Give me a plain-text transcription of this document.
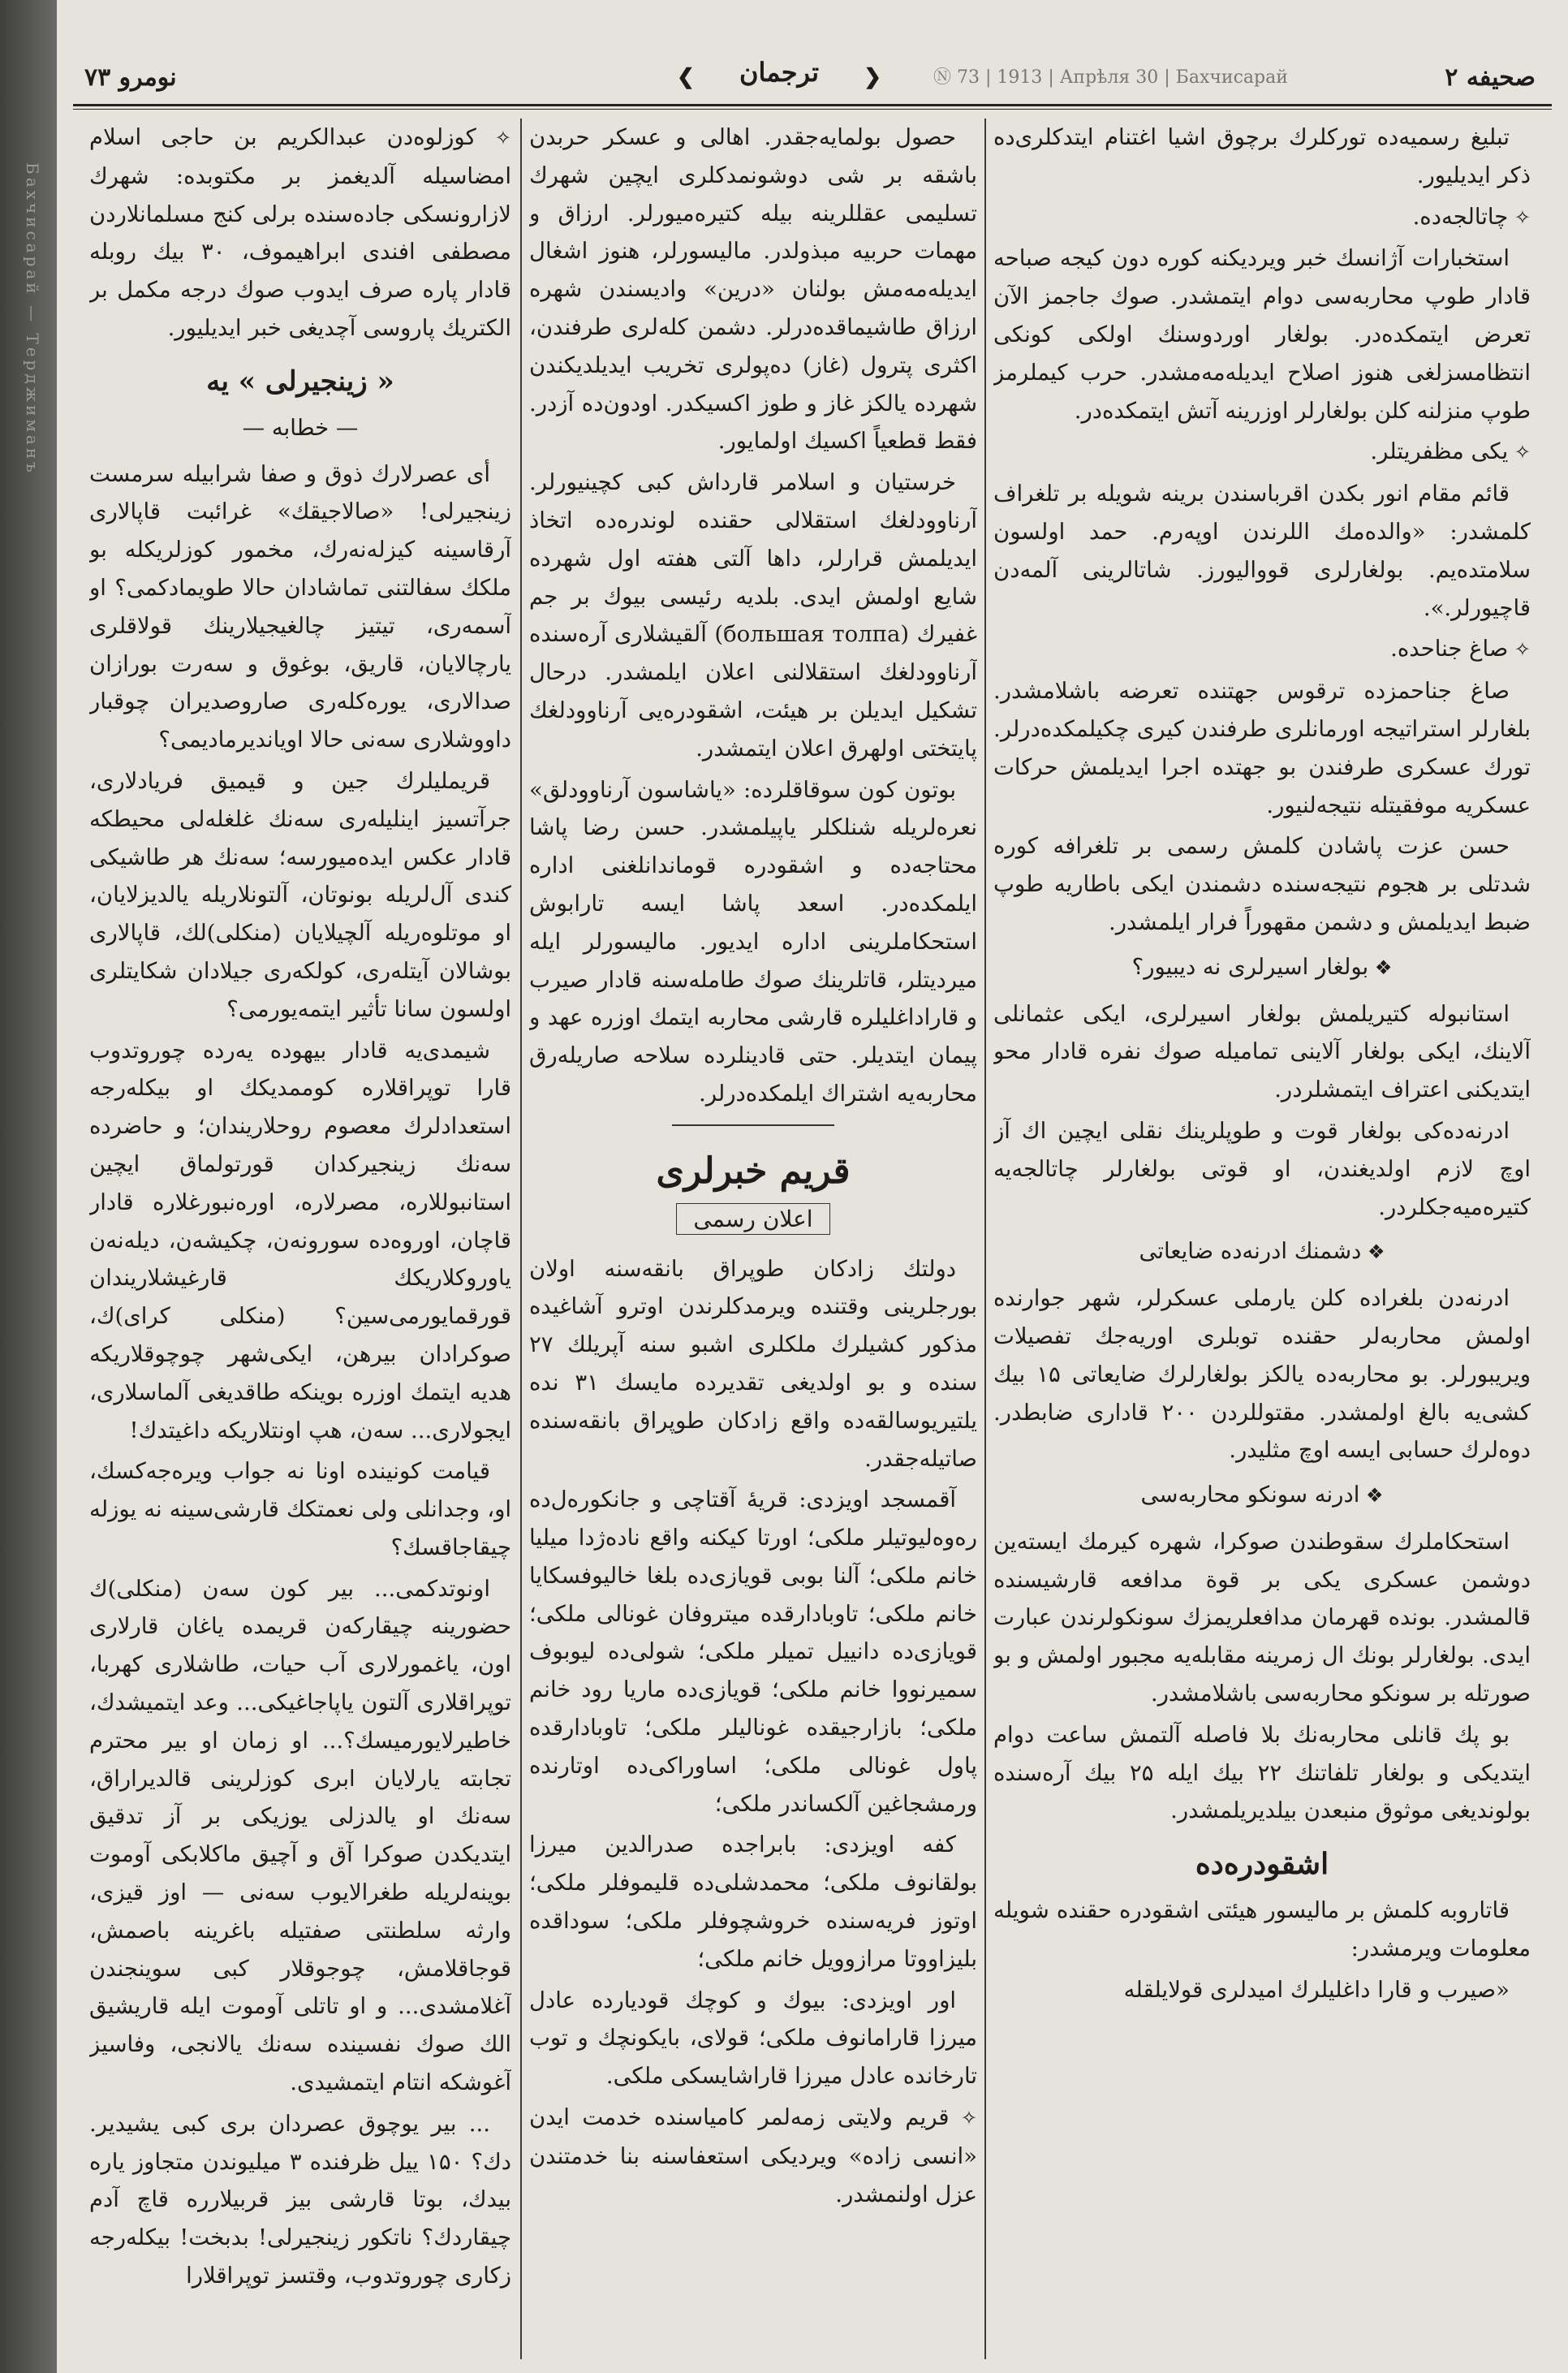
Бахчисарай — Терджиманъ
صحيفه ۲
Ⓝ 73 | 1913 | Апрѣля 30 | Бахчисарай
❮
ترجمان
❯
نومرو ۷۳

تبلیغ رسمیه‌ده تورکلرك برچوق اشیا اغتنام ایتدکلری‌ده ذکر ایدیلیور.

✧ چاتالجه‌ده.

استخبارات آژانسك خبر ویردیکنه کوره دون کیجه صباحه قادار طوپ محاربه‌سی دوام ایتمشدر. صوك جاجمز الآن تعرض ایتمکده‌در. بولغار اوردوسنك اولکی کونکی انتظامسزلغی هنوز اصلاح ایدیله‌مه‌مشدر. حرب کیملرمز طوپ منزلنه کلن بولغارلر اوزرینه آتش ایتمکده‌در.

✧ یکی مظفریتلر.

قائم مقام انور بکدن اقرباسندن برینه شویله بر تلغراف کلمشدر: «والده‌مك اللرندن اوپه‌رم. حمد اولسون سلامتده‌یم. بولغارلری قوواليورز. شاتالرینی آلمه‌دن قاچیورلر.».

✧ صاغ جناحده.

صاغ جناحمزده ترقوس جهتنده تعرضه باشلامشدر. بلغارلر استراتیجه اورمانلری طرفندن کیری چکیلمکده‌درلر. تورك عسكری طرفندن بو جهتده اجرا ایدیلمش حرکات عسکریه موفقیتله نتیجه‌لنیور.

حسن عزت پاشادن کلمش رسمی بر تلغرافه کوره شدتلی بر هجوم نتیجه‌سنده دشمندن ایکی باطاریه طوپ ضبط ایدیلمش و دشمن مقهوراً فرار ایلمشدر.

❖ بولغار اسیرلری نه دیبیور؟

استانبوله کتیریلمش بولغار اسیرلری، ایکی عثمانلی آلاینك، ایکی بولغار آلاینی تماميله صوك نفره قادار محو ایتدیکنی اعتراف ایتمشلردر.

ادرنه‌ده‌کی بولغار قوت و طوپلرینك نقلی ایچین اك آز اوچ لازم اولدیغندن، او قوتی بولغارلر چاتالجه‌یه کتیره‌میه‌جکلردر.

❖ دشمنك ادرنه‌ده ضایعاتی

ادرنه‌دن بلغراده کلن یارملی عسکرلر، شهر جوارنده اولمش محاربه‌لر حقنده توبلری اوریه‌جك تفصیلات ویریبورلر. بو محاربه‌ده یالکز بولغارلرك ضایعاتی ۱۵ بیك کشی‌یه بالغ اولمشدر. مقتوللردن ۲۰۰ قاداری ضابطدر. دوه‌لرك حسابی ایسه اوچ مثلیدر.

❖ ادرنه سونکو محاربه‌سی

استحکاملرك سقوطندن صوكرا، شهره کیرمك ایسته‌ین دوشمن عسکری یکی بر قوة مدافعه قارشیسنده قالمشدر. بونده قهرمان مدافعلریمزك سونکولرندن عبارت ایدی. بولغارلر بونك ال زمرینه مقابله‌یه مجبور اولمش و بو صورتله بر سونکو محاربه‌سی باشلامشدر.

بو پك قانلی محاربه‌نك بلا فاصله آلتمش ساعت دوام ایتدیکی و بولغار تلفاتنك ۲۲ بیك ایله ۲۵ بیك آره‌سنده بولوندیغی موثوق منبعدن بیلدیریلمشدر.

اشقودره‌ده

قاتاروبه کلمش بر مالیسور هیئتی اشقودره حقنده شویله معلومات ویرمشدر:

«صیرب و قارا داغلیلرك امیدلری قولایلقله

حصول بولمایه‌جقدر. اهالی و عسکر حربدن باشقه بر شی دوشونمدکلری ایچین شهرك تسلیمی عقللرینه بیله کتیره‌میورلر. ارزاق و مهمات حربیه مبذولدر. مالیسورلر، هنوز اشغال ایدیله‌مه‌مش بولنان «درین» وادیسندن شهره ارزاق طاشیماقده‌درلر. دشمن کله‌لری طرفندن، اکثری پترول (غاز) ده‌پولری تخریب ایدیلدیکندن شهرده یالکز غاز و طوز اکسیکدر. اودون‌ده آزدر. فقط قطعیاً اکسیك اولمایور.

خرستیان و اسلامر قارداش کبی کچینیورلر. آرناوودلغك استقلالی حقنده لوندره‌ده اتخاذ ایدیلمش قرارلر، داها آلتی هفته اول شهرده شایع اولمش ایدی. بلدیه رئیسی بیوك بر جم غفیرك (большая толпа) آلقیشلاری آره‌سنده آرناوودلغك استقلالنی اعلان ایلمشدر. درحال تشکیل ایدیلن بر هیئت، اشقودره‌یی آرناوودلغك پایتختی اولهرق اعلان ایتمشدر.

بوتون کون سوقاقلرده: «یاشاسون آرناوودلق» نعره‌لریله شنلکلر یاپیلمشدر. حسن رضا پاشا محتاجه‌ده و اشقودره قوماندانلغنی اداره ایلمکده‌در. اسعد پاشا ایسه تارابوش استحکاملرینی اداره ایدیور. مالیسورلر ایله میردیتلر، قاتلرینك صوك طامله‌سنه قادار صیرب و قاراداغلیلره قارشی محاربه ایتمك اوزره عهد و پیمان ایتدیلر. حتی قادینلرده سلاحه صاریله‌رق محاربه‌یه اشتراك ایلمکده‌درلر.

قریم خبرلری
اعلان رسمی

دولتك زادکان طوپراق بانقه‌سنه اولان بورجلرینی وقتنده ویرمدکلرندن اوترو آشاغیده مذکور کشیلرك ملکلری اشبو سنه آپریلك ۲۷ سنده و بو اولدیغی تقدیرده مایسك ۳۱ نده یلتیریوسالقه‌ده واقع زادکان طوپراق بانقه‌سنده صاتیله‌جقدر.

آقمسجد اویزدی: قریهٔ آقتاچی و جانکوره‌ل‌ده ره‌وه‌لیوتیلر ملکی؛ اورتا کیکنه واقع ناده‌ژدا میلیا خانم ملکی؛ آلنا بوبی قویازی‌ده بلغا خالیوفسکایا خانم ملکی؛ تاوبادارقده میتروفان غونالی ملکی؛ قویازی‌ده دانییل تمیلر ملکی؛ شولی‌ده لیوبوف سمیرنووا خانم ملکی؛ قویازی‌ده ماریا رود خانم ملکی؛ بازارجیقده غونالیلر ملکی؛ تاوبادارقده پاول غونالی ملکی؛ اساوراکی‌ده اوتارنده ورمشجاغین آلکساندر ملکی؛

کفه اویزدی: بابراجده صدرالدین میرزا بولقانوف ملکی؛ محمد‌شلی‌ده قلیموفلر ملکی؛ اوتوز فریه‌سنده خروشچوفلر ملکی؛ سوداقده بلیزاووتا مرازوویل خانم ملکی؛

اور اویزدی: بیوك و کوچك قودیارده عادل میرزا قارامانوف ملکی؛ قولای، بایکونچك و توب تارخانده عادل میرزا قاراشایسکی ملکی.

✧ قریم ولایتی زمه‌لمر کامیاسنده خدمت ایدن «انسی زاده» ویردیکی استعفاسنه بنا خدمتندن عزل اولنمشدر.

✧ کوزلوه‌دن عبدالکریم بن حاجی اسلام امضاسیله آلدیغمز بر مکتوبده: شهرك لازارونسکی جاده‌سنده برلی کنج مسلمانلاردن مصطفی افندی ابراهیموف، ۳۰ بیك روبله قادار پاره صرف ایدوب صوك درجه مکمل بر الکتریك پاروسی آچدیغی خبر ایدیلیور.

« زینجیرلی » یه
— خطابه —

أی عصرلارك ذوق و صفا شرابیله سرمست زینجیرلی! «صالاجیقك» غرائبت قاپالاری آرقاسینه کیزله‌نه‌رك، مخمور کوزلریکله بو ملکك سفالتنی تماشادان حالا طویمادکمی؟ او آسمه‌ری، تیتیز چالغیجیلارینك قولاقلری یارچالایان، قاریق، بوغوق و سه‌رت بورازان صدالاری، یوره‌کله‌ری صاروصدیران چوقبار داووشلاری سه‌نی حالا اویاندیرمادیمی؟

قریملیلرك جین و قیمیق فریادلاری، جرآتسیز اینلیله‌ری سه‌نك غلغله‌لی محیطکه قادار عکس ایده‌میورسه؛ سه‌نك هر طاشیکی کندی آل‌لریله بونوتان، آلتونلاریله یالدیزلایان، او موتلوه‌ریله آلچیلایان (منکلی)‌لك، قاپالاری بوشالان آیتله‌ری، کولکه‌ری جیلادان شکایتلری اولسون سانا تأثیر ایتمه‌یورمی؟

شیمدی‌یه قادار بیهوده یه‌رده چوروتدوب قارا توپراقلاره کوممدیکك او بیکله‌رجه استعدادلرك معصوم روحلاریندان؛ و حاضرده سه‌نك زینجیرکدان قورتولماق ایچین استانبوللاره، مصرلاره، اوره‌نبورغلاره قادار قاچان، اوروه‌ده سورونه‌ن، چکیشه‌ن، دیله‌نه‌ن یاوروکلاریکك قارغیشلاریندان قورقمایورمی‌سین؟ (منکلی کرای)‌ك، صوکرادان بیرهن، ایکی‌شهر چوچوقلاریکه هدیه ایتمك اوزره بوینکه طاقدیغی آلماسلاری، ایجولاری... سه‌ن، هپ اونتلاریکه داغیتدك!

قیامت کونینده اونا نه جواب ویره‌جه‌کسك، او، وجدانلی ولی نعمتکك قارشی‌سینه نه یوزله چیقاجاقسك؟

اونوتدکمی... بیر کون سه‌ن (منکلی)‌ك حضورینه چیقارکه‌ن قریمده یاغان قارلاری اون، یاغمورلاری آب حیات، طاشلاری کهربا، توپراقلاری آلتون یاپاجاغیکی... وعد ایتمیشدك، خاطیرلایورمیسك؟... او زمان او بیر محترم تجابته یارلایان ابری کوزلرینی قالدیراراق، سه‌نك او یالدزلی یوزیکی بر آز تدقیق ایتدیکدن صوکرا آق و آچیق ماکلابکی آوموت بوینه‌لریله طغرالایوب سه‌نی — اوز قیزی، وارثه سلطنتی صفتیله باغرینه باصمش، قوجاقلامش، چوجوقلار کبی سوینجندن آغلامشدی... و او تاتلی آوموت ایله قاریشیق الك صوك نفسینده سه‌نك یالانجی، وفاسیز آغوشکه انتام ایتمشیدی.

... بیر یوچوق عصردان بری کبی یشیدیر. دك؟ ۱۵۰ ییل ظرفنده ۳ میلیوندن متجاوز یاره بیدك، بوتا قارشی بیز قربیلارره قاچ آدم چیقاردك؟ ناتکور زینجیرلی! بدبخت! بیکله‌رجه زکاری چوروتدوب، وقتسز توپراقلارا
